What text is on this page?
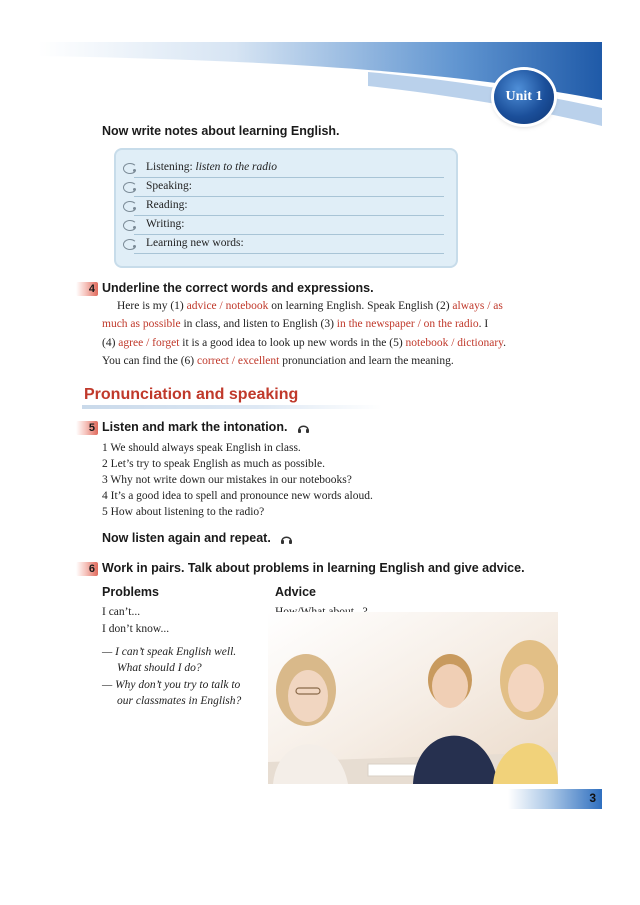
Unit 1
Now write notes about learning English.
Listening: listen to the radio
Speaking:
Reading:
Writing:
Learning new words:
4 Underline the correct words and expressions.
Here is my (1) advice / notebook on learning English. Speak English (2) always / as
much as possible in class, and listen to English (3) in the newspaper / on the radio. I
(4) agree / forget it is a good idea to look up new words in the (5) notebook / dictionary.
You can find the (6) correct / excellent pronunciation and learn the meaning.
Pronunciation and speaking
5 Listen and mark the intonation.
1 We should always speak English in class.
2 Let’s try to speak English as much as possible.
3 Why not write down our mistakes in our notebooks?
4 It’s a good idea to spell and pronounce new words aloud.
5 How about listening to the radio?
Now listen again and repeat.
6 Work in pairs. Talk about problems in learning English and give advice.
Problems	Advice
I can’t...
I don’t know...
— I can’t speak English well.
What should I do?
— Why don’t you try to talk to
our classmates in English?
3
